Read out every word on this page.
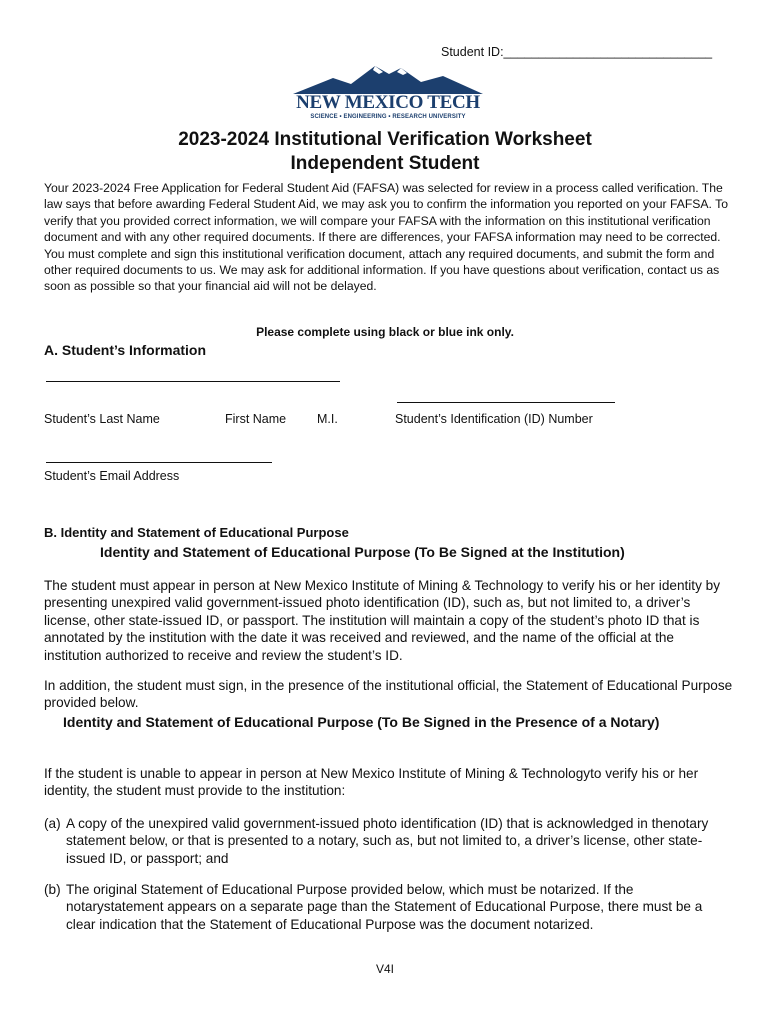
Student ID:______________________________
NEW MEXICO TECH
SCIENCE • ENGINEERING • RESEARCH UNIVERSITY
2023-2024 Institutional Verification Worksheet
Independent Student
Your 2023-2024 Free Application for Federal Student Aid (FAFSA) was selected for review in a process called verification. The law says that before awarding Federal Student Aid, we may ask you to confirm the information you reported on your FAFSA. To verify that you provided correct information, we will compare your FAFSA with the information on this institutional verification document and with any other required documents. If there are differences, your FAFSA information may need to be corrected. You must complete and sign this institutional verification document, attach any required documents, and submit the form and other required documents to us. We may ask for additional information. If you have questions about verification, contact us as soon as possible so that your financial aid will not be delayed.
Please complete using black or blue ink only.
A. Student’s Information
Student’s Last Name	First Name M.I.	Student’s Identification (ID) Number
Student’s Email Address
B. Identity and Statement of Educational Purpose
Identity and Statement of Educational Purpose (To Be Signed at the Institution)
The student must appear in person at New Mexico Institute of Mining & Technology to verify his or her identity by presenting unexpired valid government-issued photo identification (ID), such as, but not limited to, a driver’s license, other state-issued ID, or passport. The institution will maintain a copy of the student’s photo ID that is annotated by the institution with the date it was received and reviewed, and the name of the official at the institution authorized to receive and review the student’s ID.
In addition, the student must sign, in the presence of the institutional official, the Statement of Educational Purpose provided below.
Identity and Statement of Educational Purpose (To Be Signed in the Presence of a Notary)
If the student is unable to appear in person at New Mexico Institute of Mining & Technologyto verify his or her identity, the student must provide to the institution:
(a) A copy of the unexpired valid government-issued photo identification (ID) that is acknowledged in thenotary statement below, or that is presented to a notary, such as, but not limited to, a driver’s license, other state-issued ID, or passport; and
(b) The original Statement of Educational Purpose provided below, which must be notarized. If the notarystatement appears on a separate page than the Statement of Educational Purpose, there must be a clear indication that the Statement of Educational Purpose was the document notarized.
V4I
